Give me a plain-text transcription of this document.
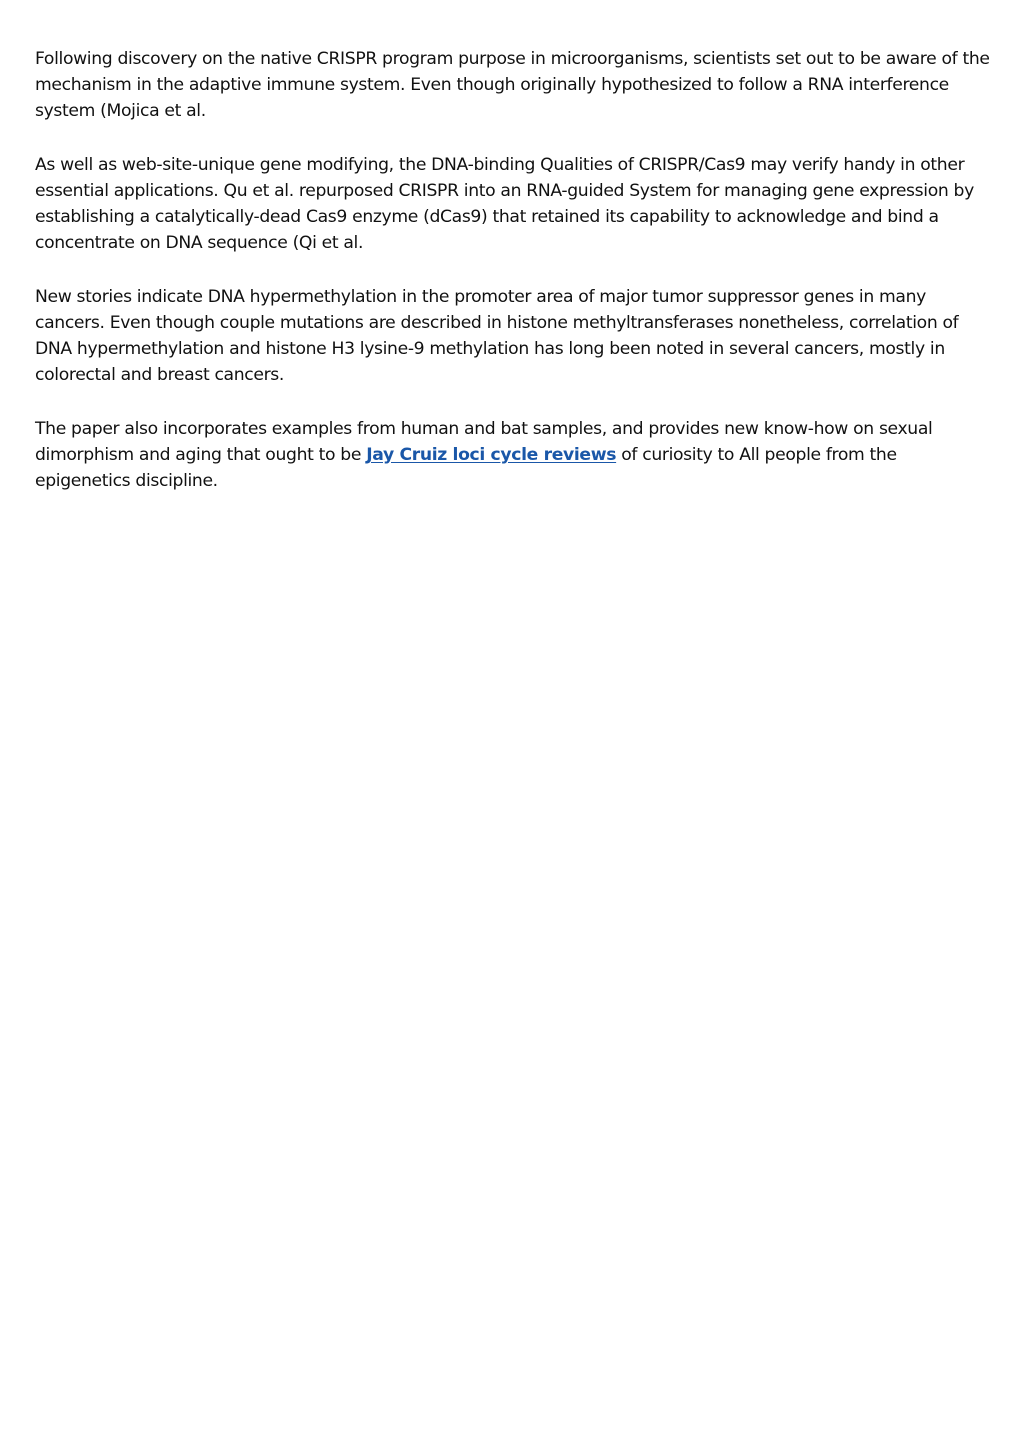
Following discovery on the native CRISPR program purpose in microorganisms, scientists set out to be aware of the mechanism in the adaptive immune system. Even though originally hypothesized to follow a RNA interference system (Mojica et al.

As well as web-site-unique gene modifying, the DNA-binding Qualities of CRISPR/Cas9 may verify handy in other essential applications. Qu et al. repurposed CRISPR into an RNA-guided System for managing gene expression by establishing a catalytically-dead Cas9 enzyme (dCas9) that retained its capability to acknowledge and bind a concentrate on DNA sequence (Qi et al.

New stories indicate DNA hypermethylation in the promoter area of major tumor suppressor genes in many cancers. Even though couple mutations are described in histone methyltransferases nonetheless, correlation of DNA hypermethylation and histone H3 lysine-9 methylation has long been noted in several cancers, mostly in colorectal and breast cancers.

The paper also incorporates examples from human and bat samples, and provides new know-how on sexual dimorphism and aging that ought to be Jay Cruiz loci cycle reviews of curiosity to All people from the epigenetics discipline.
